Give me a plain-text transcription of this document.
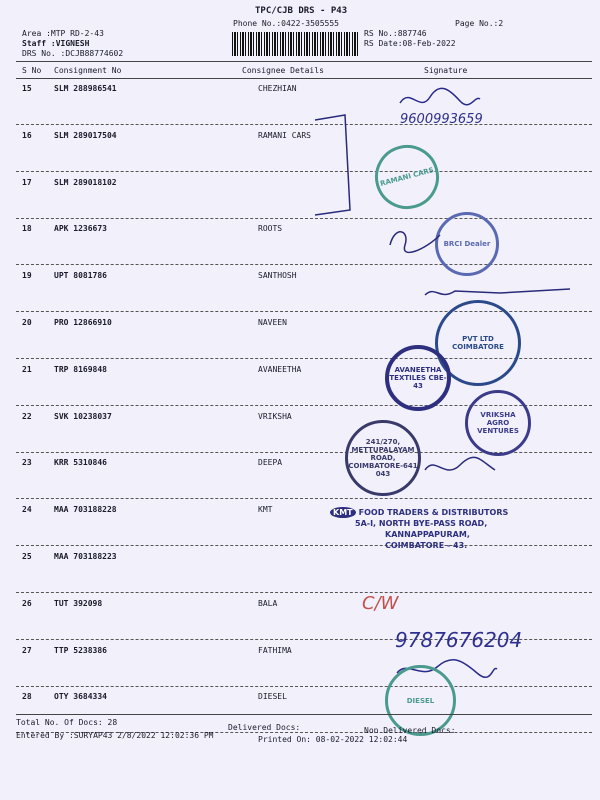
TPC/CJB DRS - P43
Phone No.:0422-3505555	Page No.:2
Area :MTP RD-2-43
Staff :VIGNESH
DRS No. :DCJB88774602
RS No.:887746
RS Date:08-Feb-2022
S No Consignment No	Consignee Details	Signature
15	SLM 288986541	CHEZHIAN
16	SLM 289017504	RAMANI CARS
17	SLM 289018102
18	APK 1236673	ROOTS
19	UPT 8081786	SANTHOSH
20	PRO 12866910	NAVEEN
21	TRP 8169848	AVANEETHA
22	SVK 10238037	VRIKSHA
23	KRR 5310846	DEEPA
24	MAA 703188228	KMT
25	MAA 703188223
26	TUT 392098	BALA
27	TTP 5238386	FATHIMA
28	OTY 3684334	DIESEL
9600993659
RAMANI CARS
BRCI Dealer
PVT LTD COIMBATORE
AVANEETHA TEXTILES CBE-43
VRIKSHA AGRO VENTURES
241/270, METTUPALAYAM ROAD, COIMBATORE-641 043
KMT FOOD TRADERS & DISTRIBUTORS
5A-I, NORTH BYE-PASS ROAD,
KANNAPPAPURAM,
COIMBATORE - 43.
C/W
9787676204
DIESEL
Total No. Of Docs: 28
Delivered Docs:	Non Delivered Docs:
Entered By :SURYAP43 2/8/2022 12:02:36 PM	Printed On: 08-02-2022 12:02:44
